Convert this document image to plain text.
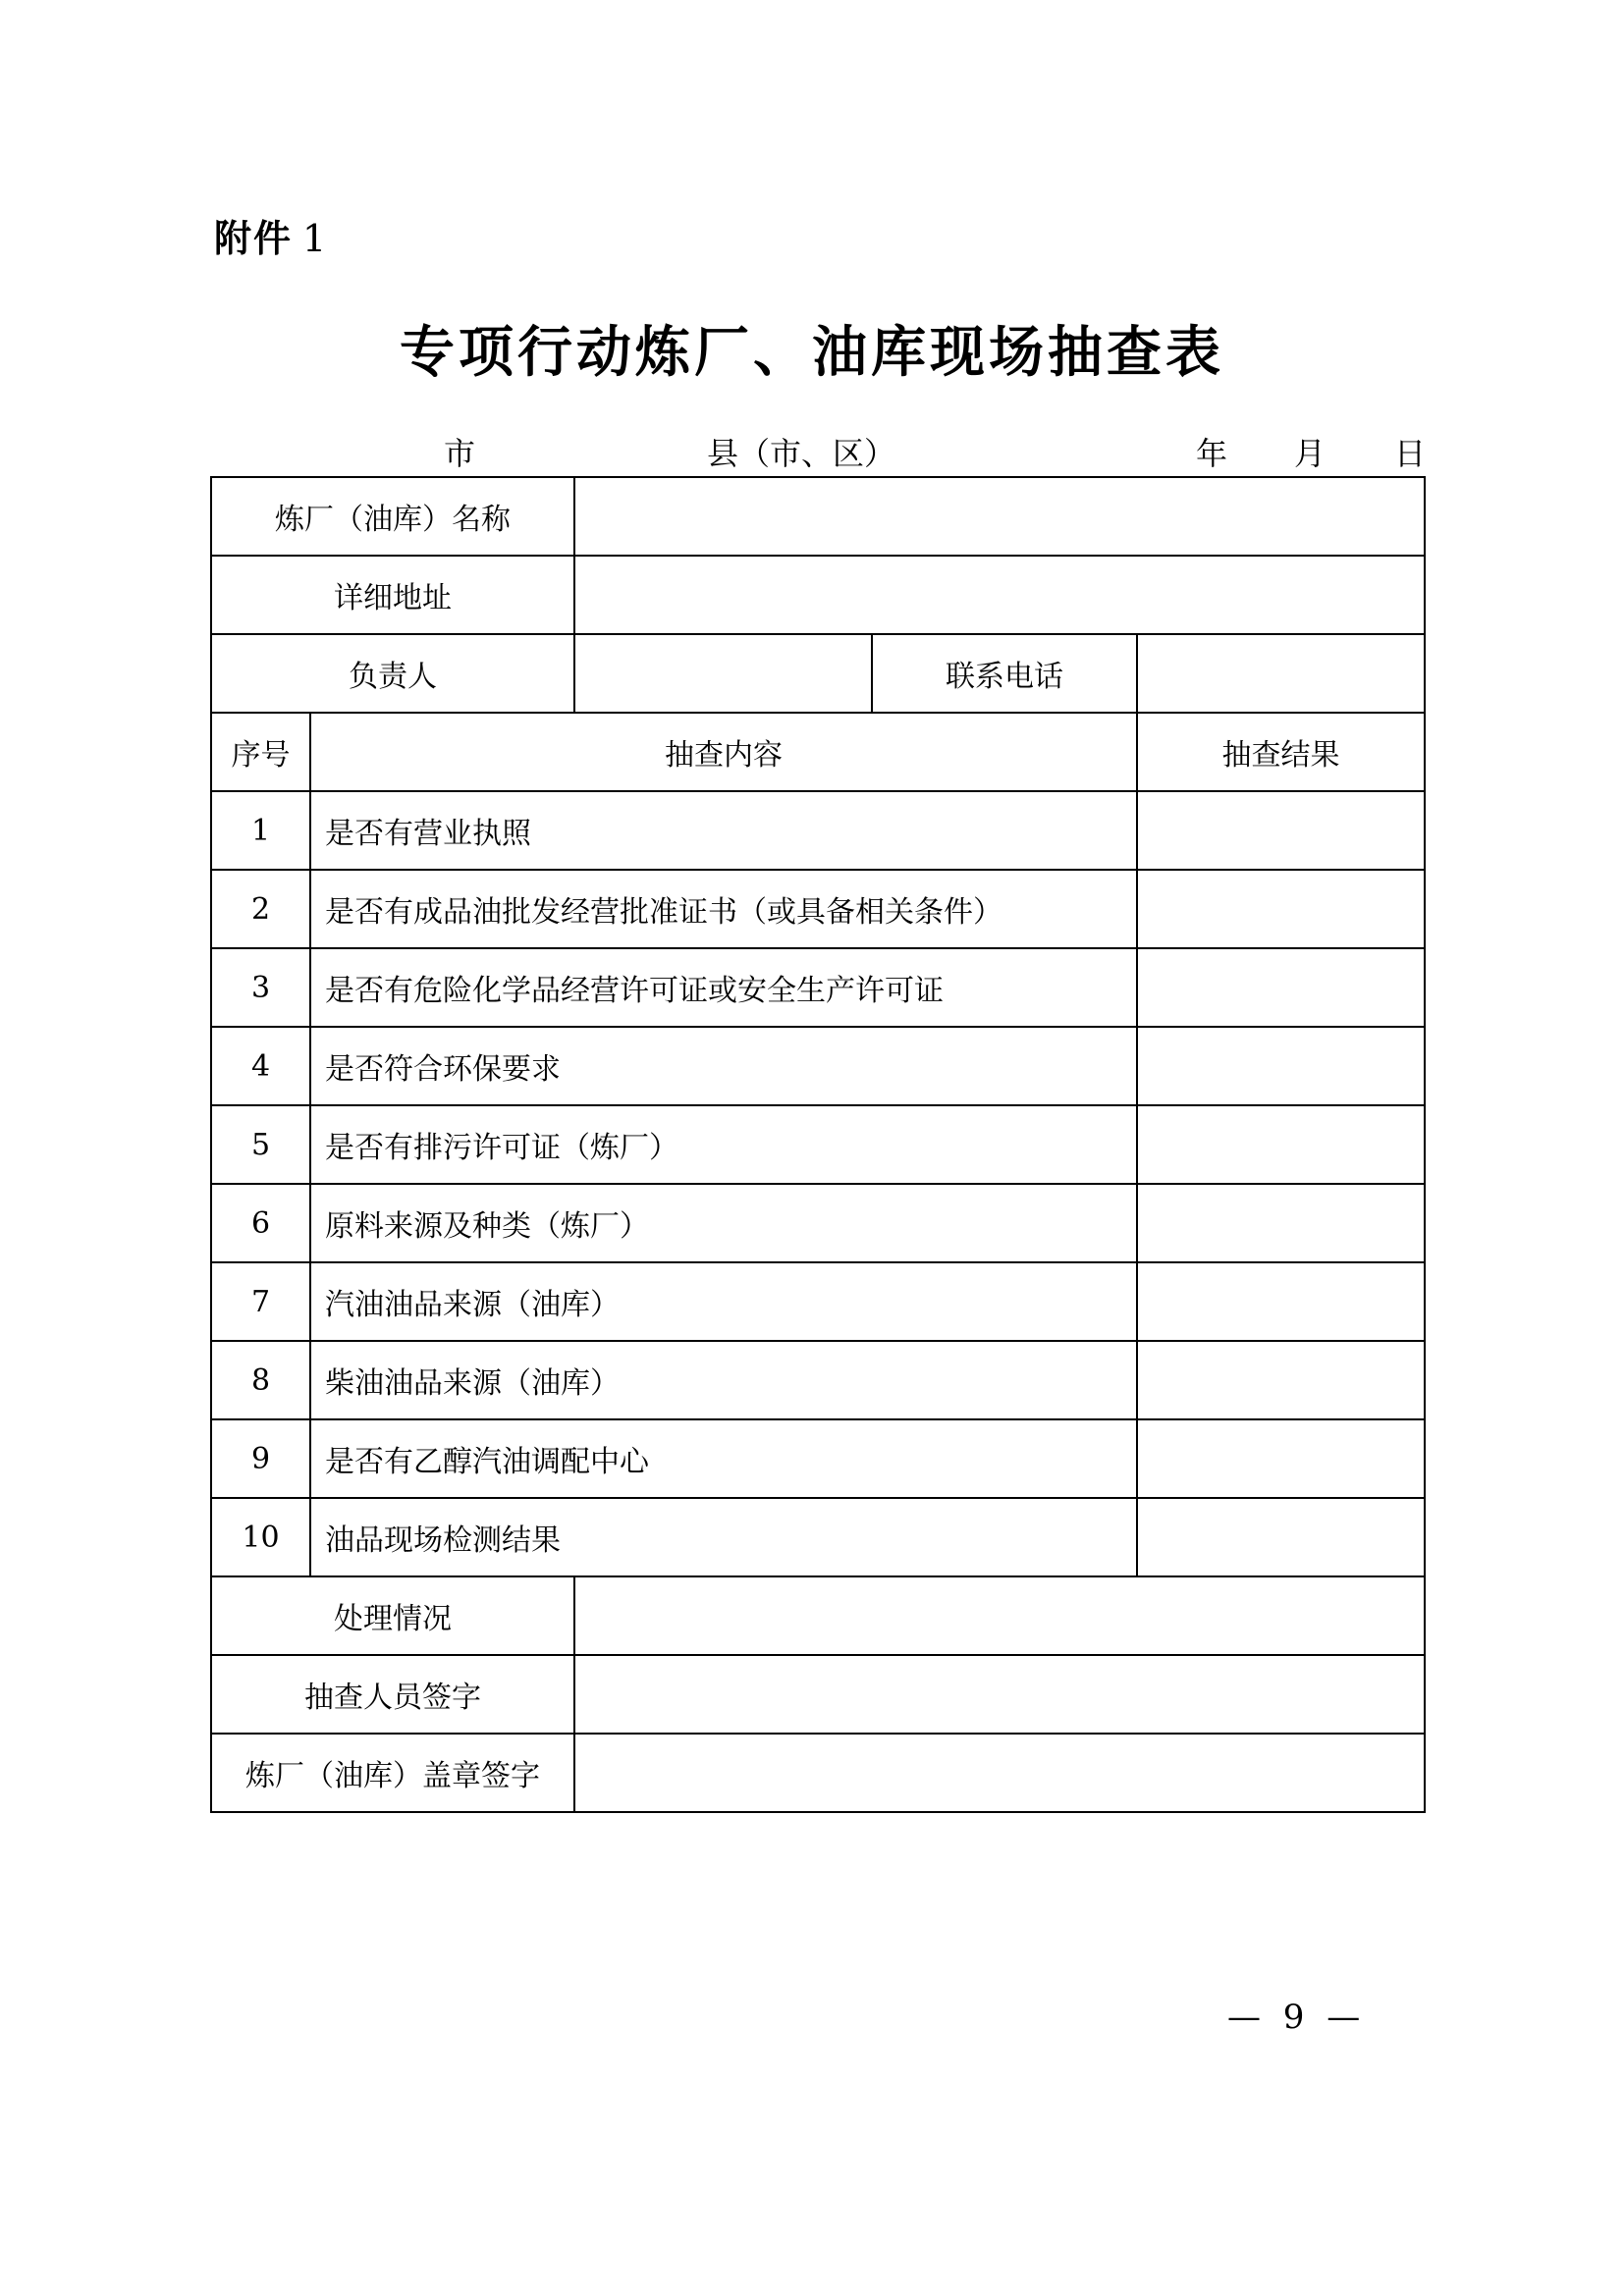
附件 1
专项行动炼厂、油库现场抽查表
市	县（市、区）	年 月 日
炼厂（油库）名称				
详细地址				
负责人			联系电话	
序号	抽查内容			抽查结果
1	是否有营业执照			
2	是否有成品油批发经营批准证书（或具备相关条件）			
3	是否有危险化学品经营许可证或安全生产许可证			
4	是否符合环保要求			
5	是否有排污许可证（炼厂）			
6	原料来源及种类（炼厂）			
7	汽油油品来源（油库）			
8	柴油油品来源（油库）			
9	是否有乙醇汽油调配中心			
10	油品现场检测结果			
处理情况				
抽查人员签字				
炼厂（油库）盖章签字				
— 9 —
